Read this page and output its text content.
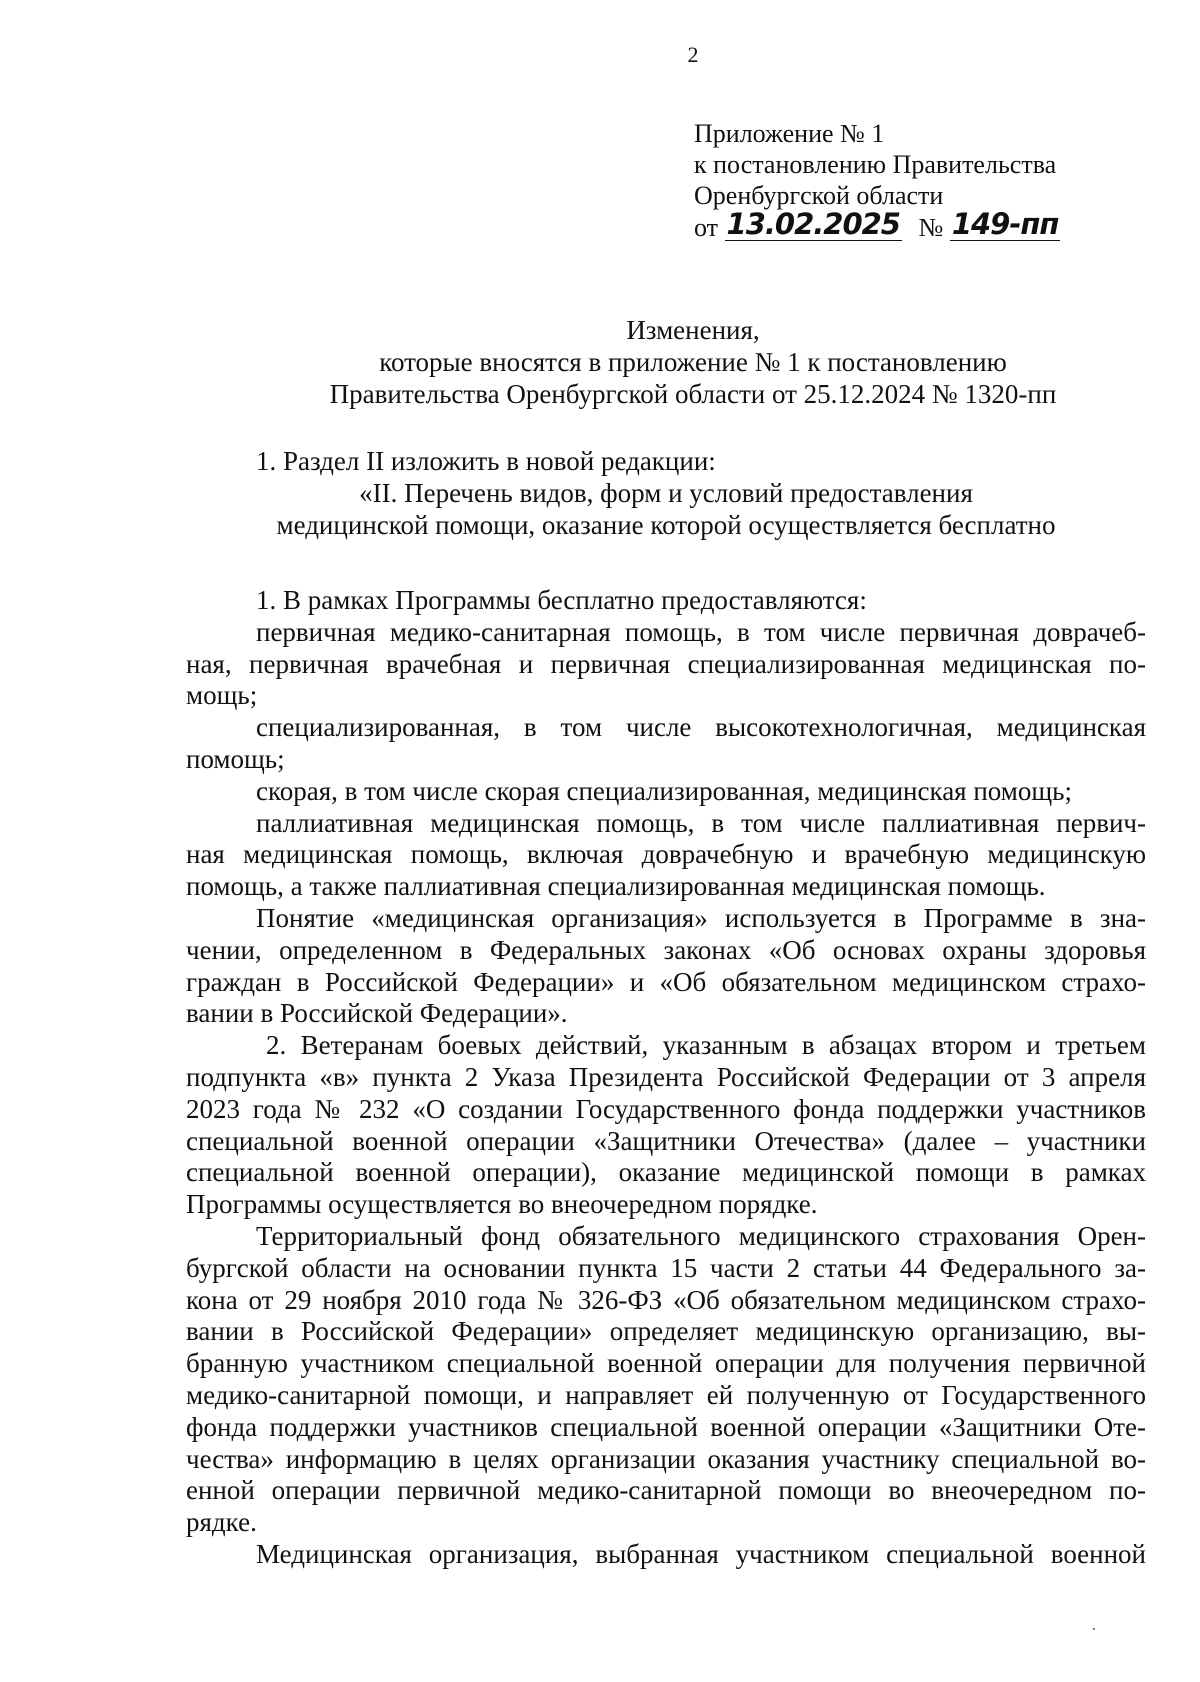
2
Приложение № 1
к постановлению Правительства
Оренбургской области
от 13.02.2025 № 149-пп
Изменения,
которые вносятся в приложение № 1 к постановлению
Правительства Оренбургской области от 25.12.2024 № 1320-пп
1. Раздел II изложить в новой редакции:
«II. Перечень видов, форм и условий предоставления
медицинской помощи, оказание которой осуществляется бесплатно
1. В рамках Программы бесплатно предоставляются:
первичная медико-санитарная помощь, в том числе первичная доврачеб-
ная, первичная врачебная и первичная специализированная медицинская по-
мощь;
специализированная, в том числе высокотехнологичная, медицинская
помощь;
скорая, в том числе скорая специализированная, медицинская помощь;
паллиативная медицинская помощь, в том числе паллиативная первич-
ная медицинская помощь, включая доврачебную и врачебную медицинскую
помощь, а также паллиативная специализированная медицинская помощь.
Понятие «медицинская организация» используется в Программе в зна-
чении, определенном в Федеральных законах «Об основах охраны здоровья
граждан в Российской Федерации» и «Об обязательном медицинском страхо-
вании в Российской Федерации».
2. Ветеранам боевых действий, указанным в абзацах втором и третьем
подпункта «в» пункта 2 Указа Президента Российской Федерации от 3 апреля
2023 года № 232 «О создании Государственного фонда поддержки участников
специальной военной операции «Защитники Отечества» (далее – участники
специальной военной операции), оказание медицинской помощи в рамках
Программы осуществляется во внеочередном порядке.
Территориальный фонд обязательного медицинского страхования Орен-
бургской области на основании пункта 15 части 2 статьи 44 Федерального за-
кона от 29 ноября 2010 года № 326-ФЗ «Об обязательном медицинском страхо-
вании в Российской Федерации» определяет медицинскую организацию, вы-
бранную участником специальной военной операции для получения первичной
медико-санитарной помощи, и направляет ей полученную от Государственного
фонда поддержки участников специальной военной операции «Защитники Оте-
чества» информацию в целях организации оказания участнику специальной во-
енной операции первичной медико-санитарной помощи во внеочередном по-
рядке.
Медицинская организация, выбранная участником специальной военной
